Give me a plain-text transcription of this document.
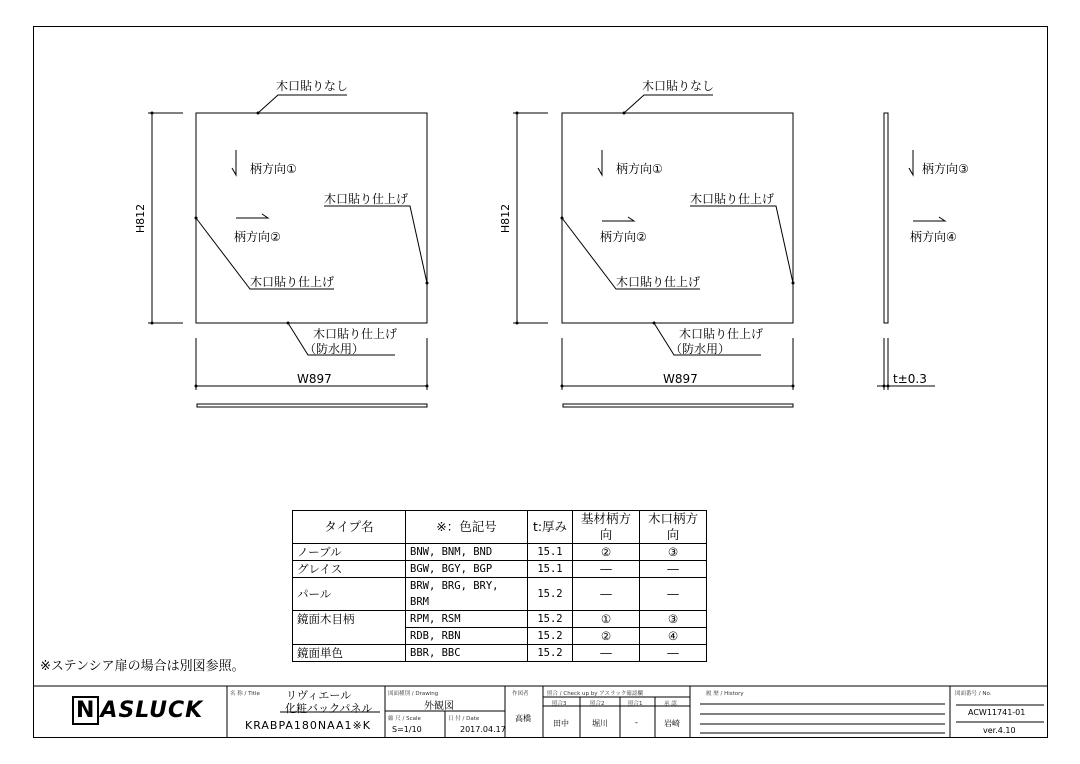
木口貼りなし
柄方向①
木口貼り仕上げ
柄方向②
木口貼り仕上げ
木口貼り仕上げ
（防水用）
W897
H812
木口貼りなし
柄方向①
木口貼り仕上げ
柄方向②
木口貼り仕上げ
木口貼り仕上げ
（防水用）
W897
H812
柄方向③
柄方向④
t±0.3
タイプ名	※：色記号	t:厚み	基材柄方向	木口柄方向
ノーブル	BNW, BNM, BND	15.1	②	③
グレイス	BGW, BGY, BGP	15.1	―	―
パール	BRW, BRG, BRY, BRM	15.2	―	―
鏡面木目柄	RPM, RSM	15.2	①	③
	RDB, RBN	15.2	②	④
鏡面単色	BBR, BBC	15.2	―	―
※ステンシア扉の場合は別図参照。
N ASLUCK
名 称 / Title リヴィエール
化粧バックパネル
KRABPA180NAA1※K
図面種別 / Drawing
外観図
縮 尺 / Scale
S=1/10
日 付 / Date
2017.04.17
作図者
高橋
照合 / Check up by アスラック確認欄
照合3	照合2	照合1	承 認
田中	堀川	-	岩崎
履 歴 / History	図面番号 / No.
ACW11741-01
ver.4.10
